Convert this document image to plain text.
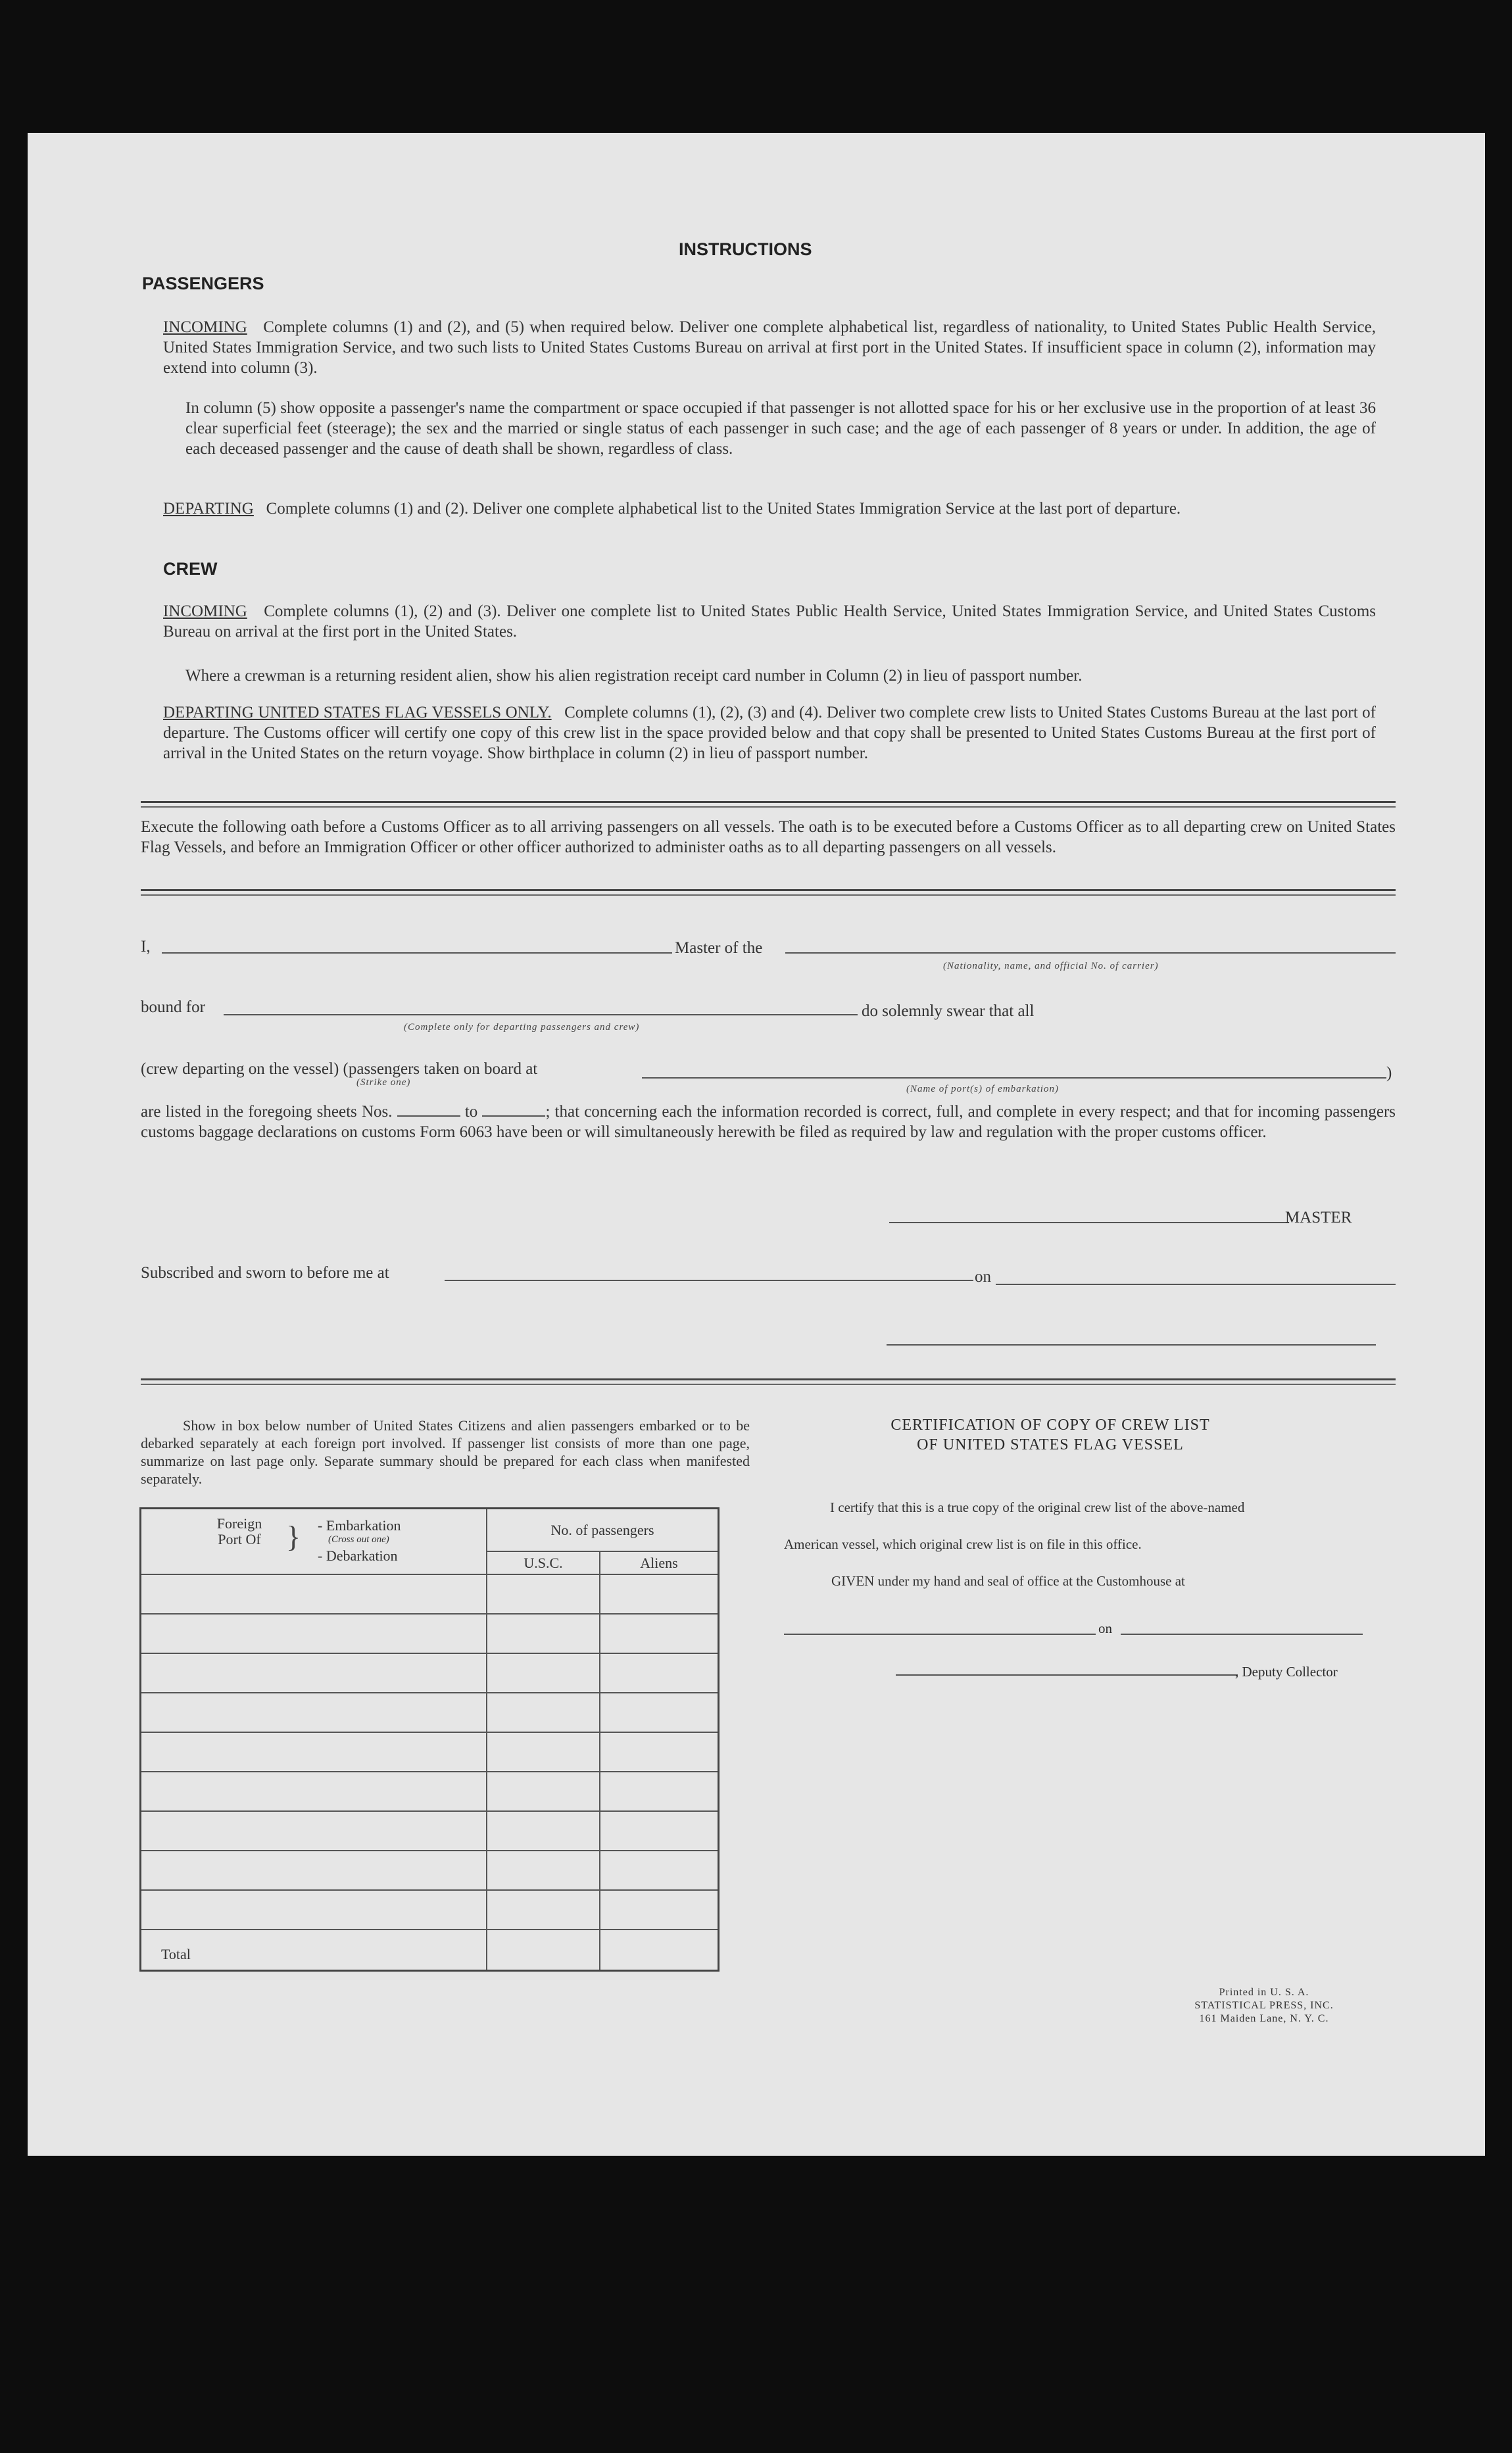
INSTRUCTIONS
PASSENGERS
INCOMING Complete columns (1) and (2), and (5) when required below. Deliver one complete alphabetical list, regardless of nationality, to United States Public Health Service, United States Immigration Service, and two such lists to United States Customs Bureau on arrival at first port in the United States. If insufficient space in column (2), information may extend into column (3).
In column (5) show opposite a passenger's name the compartment or space occupied if that passenger is not allotted space for his or her exclusive use in the proportion of at least 36 clear superficial feet (steerage); the sex and the married or single status of each passenger in such case; and the age of each passenger of 8 years or under. In addition, the age of each deceased passenger and the cause of death shall be shown, regardless of class.
DEPARTING Complete columns (1) and (2). Deliver one complete alphabetical list to the United States Immigration Service at the last port of departure.
CREW
INCOMING Complete columns (1), (2) and (3). Deliver one complete list to United States Public Health Service, United States Immigration Service, and United States Customs Bureau on arrival at the first port in the United States.
Where a crewman is a returning resident alien, show his alien registration receipt card number in Column (2) in lieu of passport number.
DEPARTING UNITED STATES FLAG VESSELS ONLY. Complete columns (1), (2), (3) and (4). Deliver two complete crew lists to United States Customs Bureau at the last port of departure. The Customs officer will certify one copy of this crew list in the space provided below and that copy shall be presented to United States Customs Bureau at the first port of arrival in the United States on the return voyage. Show birthplace in column (2) in lieu of passport number.
Execute the following oath before a Customs Officer as to all arriving passengers on all vessels. The oath is to be executed before a Customs Officer as to all departing crew on United States Flag Vessels, and before an Immigration Officer or other officer authorized to administer oaths as to all departing passengers on all vessels.
I,	Master of the
(Nationality, name, and official No. of carrier)
bound for
(Complete only for departing passengers and crew)
do solemnly swear that all
(crew departing on the vessel) (passengers taken on board at
(Strike one)
)
(Name of port(s) of embarkation)
are listed in the foregoing sheets Nos.	to	; that concerning each the information recorded is correct, full, and complete in every respect; and that for incoming passengers customs baggage declarations on customs Form 6063 have been or will simultaneously herewith be filed as required by law and regulation with the proper customs officer.
MASTER
Subscribed and sworn to before me at	on
Show in box below number of United States Citizens and alien passengers embarked or to be debarked separately at each foreign port involved. If passenger list consists of more than one page, summarize on last page only. Separate summary should be prepared for each class when manifested separately.
Foreign Port Of } - Embarkation
(Cross out one)
- Debarkation	No. of passengers	
	U.S.C.	Aliens

Total		
CERTIFICATION OF COPY OF CREW LIST
OF UNITED STATES FLAG VESSEL
I certify that this is a true copy of the original crew list of the above-named
American vessel, which original crew list is on file in this office.
GIVEN under my hand and seal of office at the Customhouse at
on
, Deputy Collector
Printed in U. S. A.
STATISTICAL PRESS, INC.
161 Maiden Lane, N. Y. C.
